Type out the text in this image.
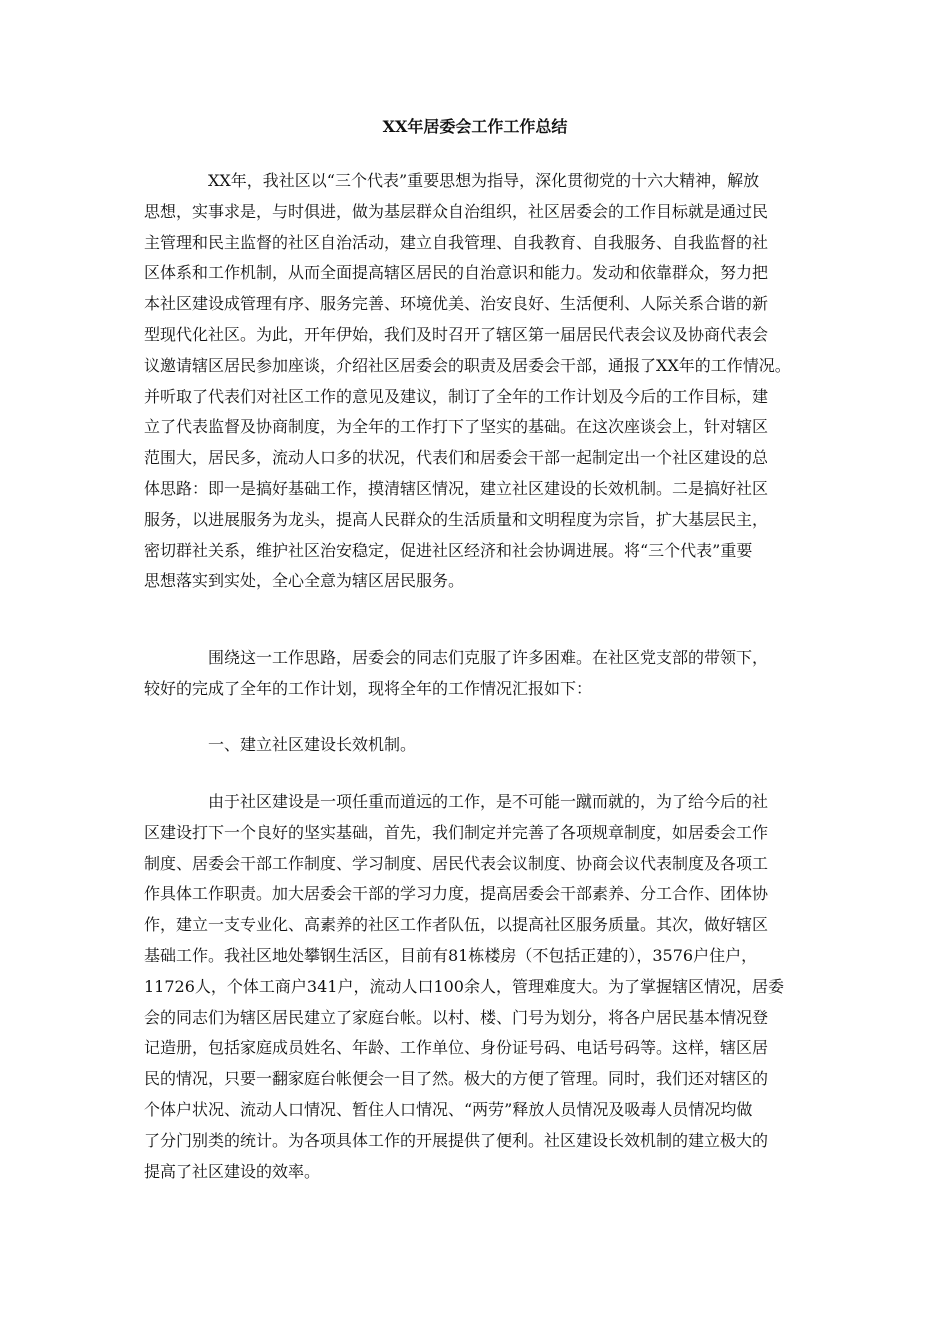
XX年居委会工作工作总结
XX年，我社区以“三个代表”重要思想为指导，深化贯彻党的十六大精神，解放
思想，实事求是，与时俱进，做为基层群众自治组织，社区居委会的工作目标就是通过民
主管理和民主监督的社区自治活动，建立自我管理、自我教育、自我服务、自我监督的社
区体系和工作机制，从而全面提高辖区居民的自治意识和能力。发动和依靠群众，努力把
本社区建设成管理有序、服务完善、环境优美、治安良好、生活便利、人际关系合谐的新
型现代化社区。为此，开年伊始，我们及时召开了辖区第一届居民代表会议及协商代表会
议邀请辖区居民参加座谈，介绍社区居委会的职责及居委会干部，通报了XX年的工作情况。
并听取了代表们对社区工作的意见及建议，制订了全年的工作计划及今后的工作目标，建
立了代表监督及协商制度，为全年的工作打下了坚实的基础。在这次座谈会上，针对辖区
范围大，居民多，流动人口多的状况，代表们和居委会干部一起制定出一个社区建设的总
体思路：即一是搞好基础工作，摸清辖区情况，建立社区建设的长效机制。二是搞好社区
服务，以进展服务为龙头，提高人民群众的生活质量和文明程度为宗旨，扩大基层民主，
密切群社关系，维护社区治安稳定，促进社区经济和社会协调进展。将“三个代表”重要
思想落实到实处，全心全意为辖区居民服务。
围绕这一工作思路，居委会的同志们克服了许多困难。在社区党支部的带领下，
较好的完成了全年的工作计划，现将全年的工作情况汇报如下：
一、建立社区建设长效机制。
由于社区建设是一项任重而道远的工作，是不可能一蹴而就的，为了给今后的社
区建设打下一个良好的坚实基础，首先，我们制定并完善了各项规章制度，如居委会工作
制度、居委会干部工作制度、学习制度、居民代表会议制度、协商会议代表制度及各项工
作具体工作职责。加大居委会干部的学习力度，提高居委会干部素养、分工合作、团体协
作，建立一支专业化、高素养的社区工作者队伍，以提高社区服务质量。其次，做好辖区
基础工作。我社区地处攀钢生活区，目前有81栋楼房（不包括正建的），3576户住户，
11726人，个体工商户341户，流动人口100余人，管理难度大。为了掌握辖区情况，居委
会的同志们为辖区居民建立了家庭台帐。以村、楼、门号为划分，将各户居民基本情况登
记造册，包括家庭成员姓名、年龄、工作单位、身份证号码、电话号码等。这样，辖区居
民的情况，只要一翻家庭台帐便会一目了然。极大的方便了管理。同时，我们还对辖区的
个体户状况、流动人口情况、暂住人口情况、“两劳”释放人员情况及吸毒人员情况均做
了分门别类的统计。为各项具体工作的开展提供了便利。社区建设长效机制的建立极大的
提高了社区建设的效率。
